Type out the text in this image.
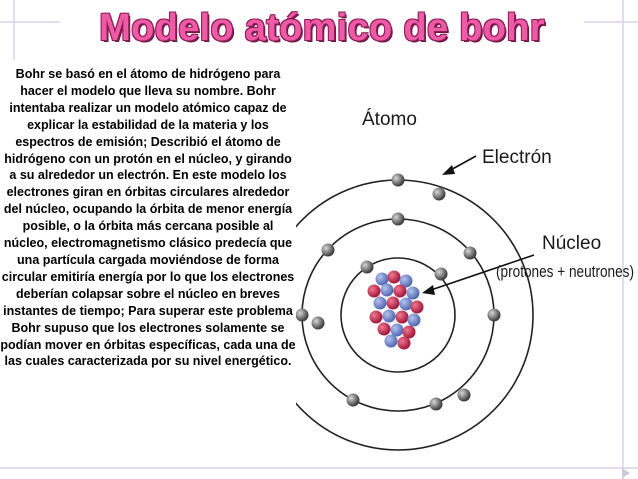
Modelo atómico de bohr

Bohr se basó en el átomo de hidrógeno para hacer el modelo que lleva su nombre. Bohr intentaba realizar un modelo atómico capaz de explicar la estabilidad de la materia y los espectros de emisión; Describió el átomo de hidrógeno con un protón en el núcleo, y girando a su alrededor un electrón. En este modelo los electrones giran en órbitas circulares alrededor del núcleo, ocupando la órbita de menor energía posible, o la órbita más cercana posible al núcleo, electromagnetismo clásico predecía que una partícula cargada moviéndose de forma circular emitiría energía por lo que los electrones deberían colapsar sobre el núcleo en breves instantes de tiempo; Para superar este problema Bohr supuso que los electrones solamente se podían mover en órbitas específicas, cada una de las cuales caracterizada por su nivel energético.

Átomo
Electrón
Núcleo
(protones + neutrones)
